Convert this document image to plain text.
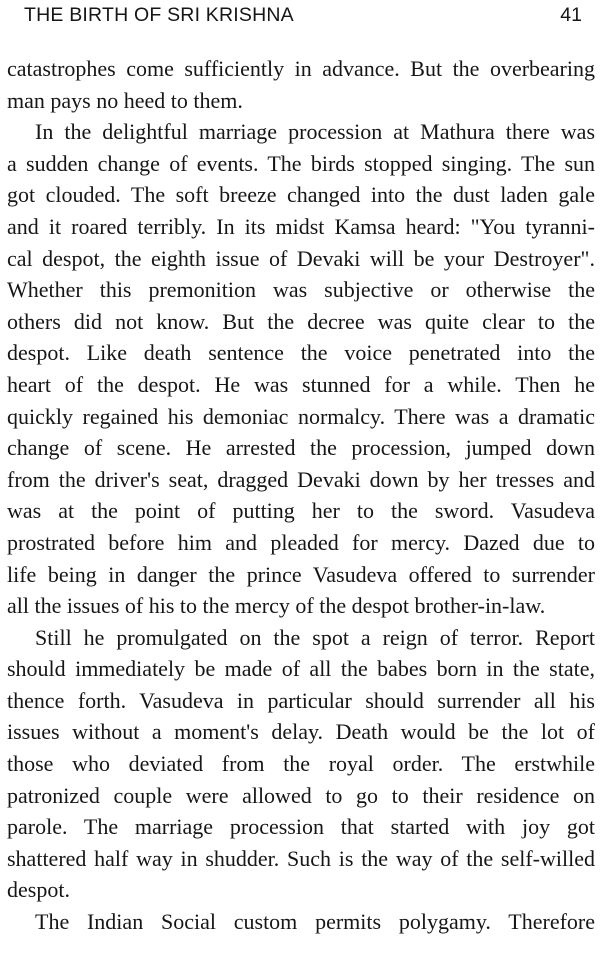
THE BIRTH OF SRI KRISHNA	41
catastrophes come sufficiently in advance. But the overbearing
man pays no heed to them.
In the delightful marriage procession at Mathura there was
a sudden change of events. The birds stopped singing. The sun
got clouded. The soft breeze changed into the dust laden gale
and it roared terribly. In its midst Kamsa heard: "You tyranni-
cal despot, the eighth issue of Devaki will be your Destroyer".
Whether this premonition was subjective or otherwise the
others did not know. But the decree was quite clear to the
despot. Like death sentence the voice penetrated into the
heart of the despot. He was stunned for a while. Then he
quickly regained his demoniac normalcy. There was a dramatic
change of scene. He arrested the procession, jumped down
from the driver's seat, dragged Devaki down by her tresses and
was at the point of putting her to the sword. Vasudeva
prostrated before him and pleaded for mercy. Dazed due to
life being in danger the prince Vasudeva offered to surrender
all the issues of his to the mercy of the despot brother-in-law.
Still he promulgated on the spot a reign of terror. Report
should immediately be made of all the babes born in the state,
thence forth. Vasudeva in particular should surrender all his
issues without a moment's delay. Death would be the lot of
those who deviated from the royal order. The erstwhile
patronized couple were allowed to go to their residence on
parole. The marriage procession that started with joy got
shattered half way in shudder. Such is the way of the self-willed
despot.
The Indian Social custom permits polygamy. Therefore
